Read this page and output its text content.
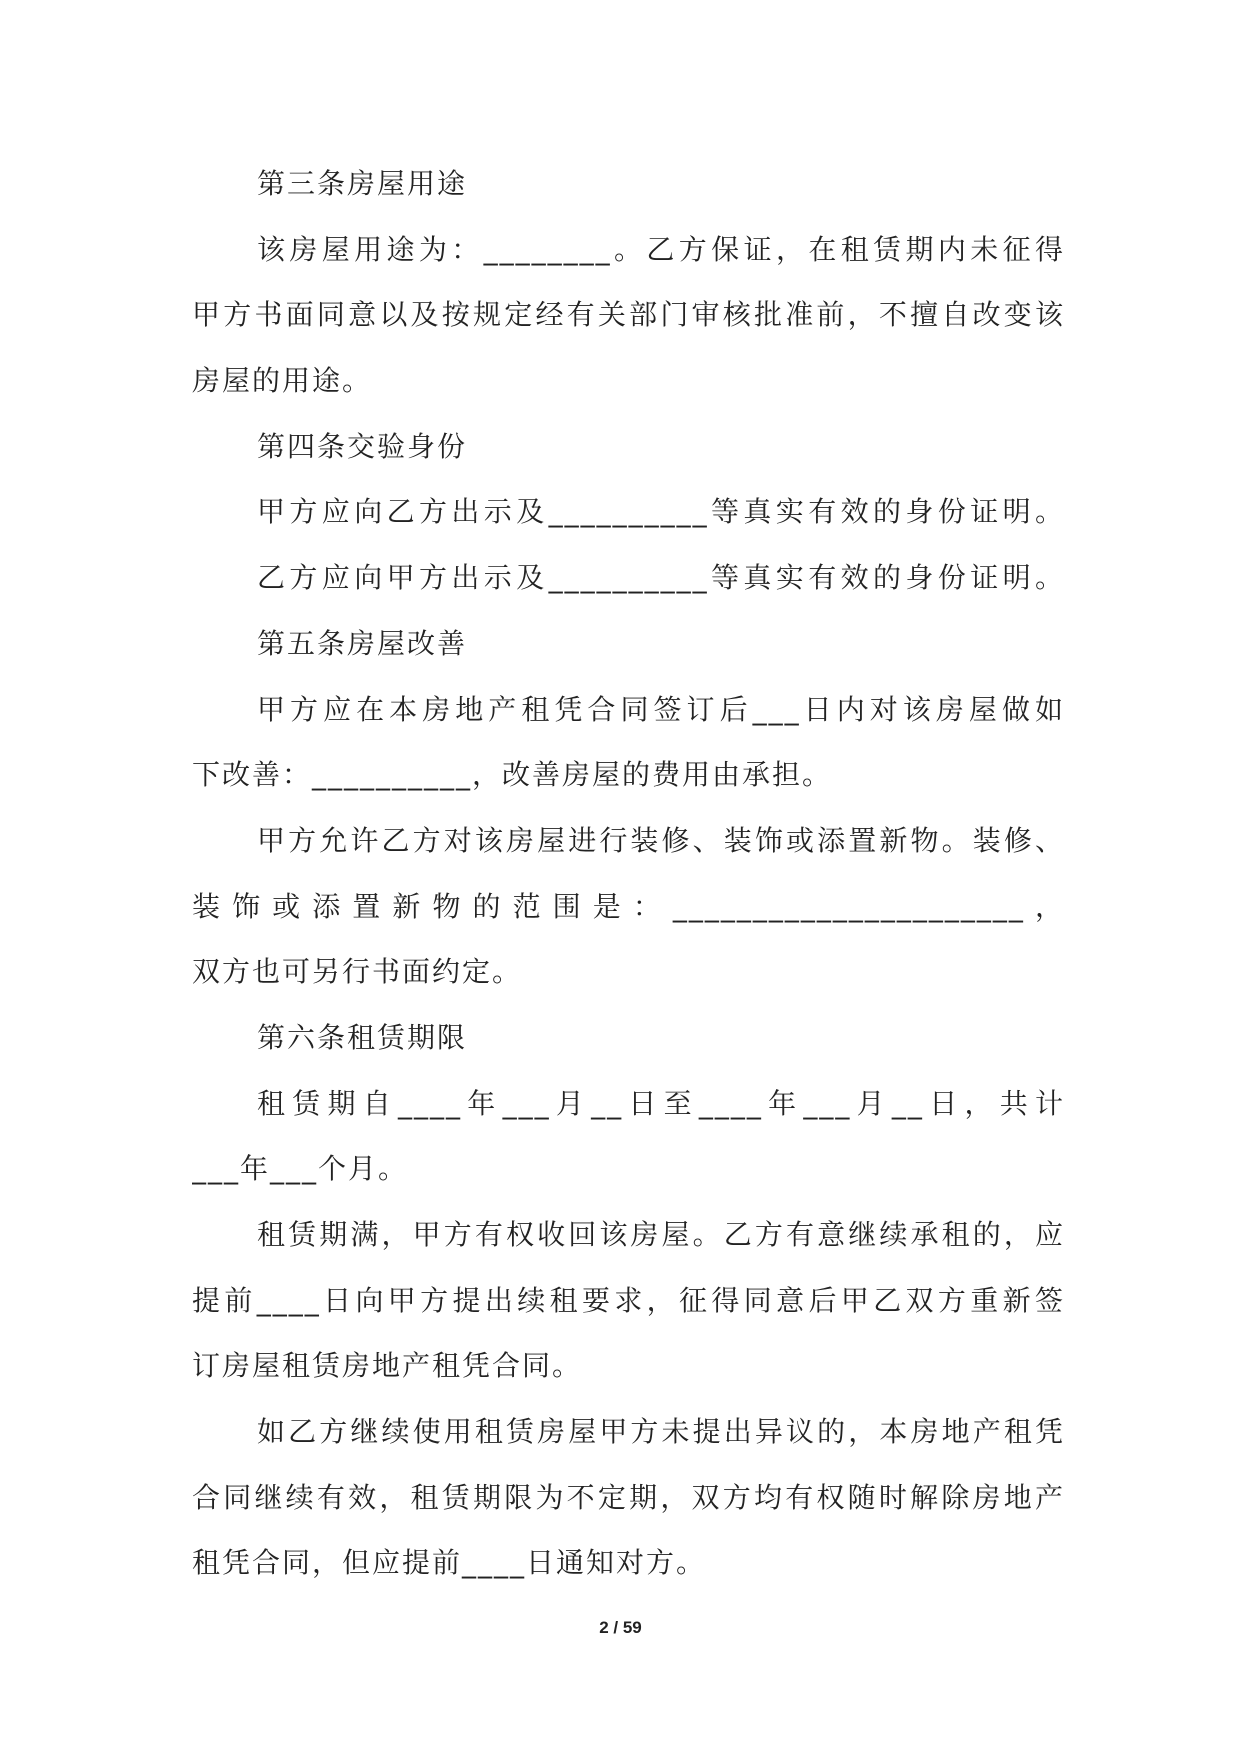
第三条房屋用途
该房屋用途为：________。乙方保证，在租赁期内未征得
甲方书面同意以及按规定经有关部门审核批准前，不擅自改变该
房屋的用途。
第四条交验身份
甲方应向乙方出示及__________等真实有效的身份证明。
乙方应向甲方出示及__________等真实有效的身份证明。
第五条房屋改善
甲方应在本房地产租凭合同签订后___日内对该房屋做如
下改善：__________，改善房屋的费用由承担。
甲方允许乙方对该房屋进行装修、装饰或添置新物。装修、
装饰或添置新物的范围是：______________________，
双方也可另行书面约定。
第六条租赁期限
租赁期自____年___月__日至____年___月__日，共计
___年___个月。
租赁期满，甲方有权收回该房屋。乙方有意继续承租的，应
提前____日向甲方提出续租要求，征得同意后甲乙双方重新签
订房屋租赁房地产租凭合同。
如乙方继续使用租赁房屋甲方未提出异议的，本房地产租凭
合同继续有效，租赁期限为不定期，双方均有权随时解除房地产
租凭合同，但应提前____日通知对方。
2 / 59
